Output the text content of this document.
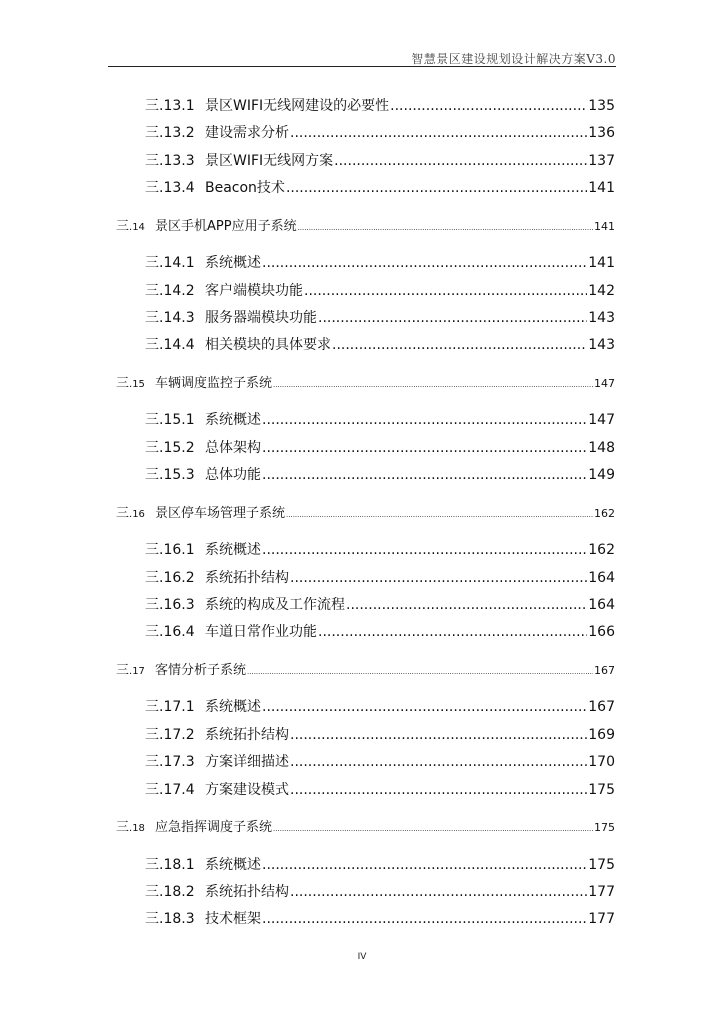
智慧景区建设规划设计解决方案V3.0
三.13.1 景区WIFI无线网建设的必要性 .....	135
三.13.2 建设需求分析 .....	136
三.13.3 景区WIFI无线网方案 .....	137
三.13.4 Beacon技术 .....	141
三.14 景区手机APP应用子系统 .....	141
三.14.1 系统概述 .....	141
三.14.2 客户端模块功能 .....	142
三.14.3 服务器端模块功能 .....	143
三.14.4 相关模块的具体要求 .....	143
三.15 车辆调度监控子系统 .....	147
三.15.1 系统概述 .....	147
三.15.2 总体架构 .....	148
三.15.3 总体功能 .....	149
三.16 景区停车场管理子系统 .....	162
三.16.1 系统概述 .....	162
三.16.2 系统拓扑结构 .....	164
三.16.3 系统的构成及工作流程 .....	164
三.16.4 车道日常作业功能 .....	166
三.17 客情分析子系统 .....	167
三.17.1 系统概述 .....	167
三.17.2 系统拓扑结构 .....	169
三.17.3 方案详细描述 .....	170
三.17.4 方案建设模式 .....	175
三.18 应急指挥调度子系统 .....	175
三.18.1 系统概述 .....	175
三.18.2 系统拓扑结构 .....	177
三.18.3 技术框架 .....	177
IV
